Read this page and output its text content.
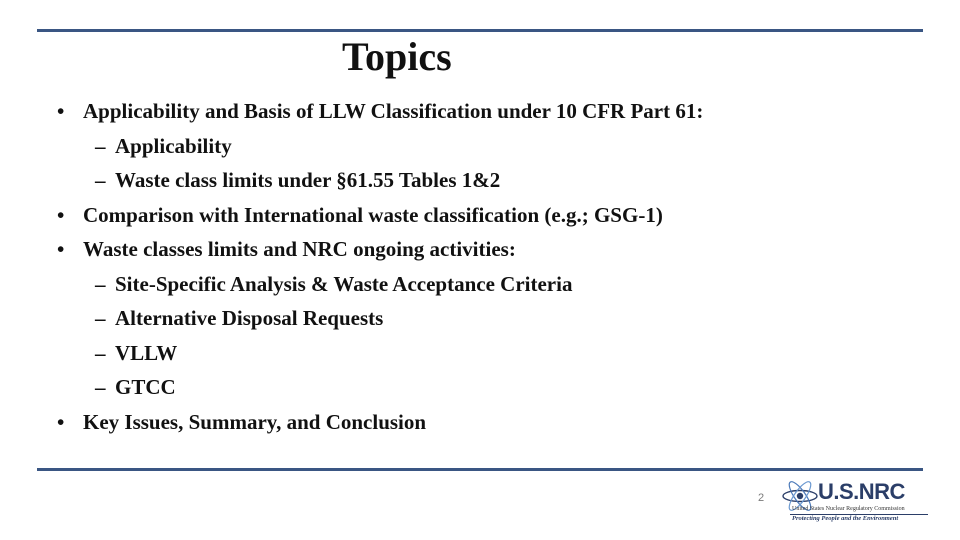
Topics
• Applicability and Basis of LLW Classification under 10 CFR Part 61:
– Applicability
– Waste class limits under §61.55 Tables 1&2
• Comparison with International waste classification (e.g.; GSG-1)
• Waste classes limits and NRC ongoing activities:
– Site-Specific Analysis & Waste Acceptance Criteria
– Alternative Disposal Requests
– VLLW
– GTCC
• Key Issues, Summary, and Conclusion
2 U.S.NRC
United States Nuclear Regulatory Commission
Protecting People and the Environment
